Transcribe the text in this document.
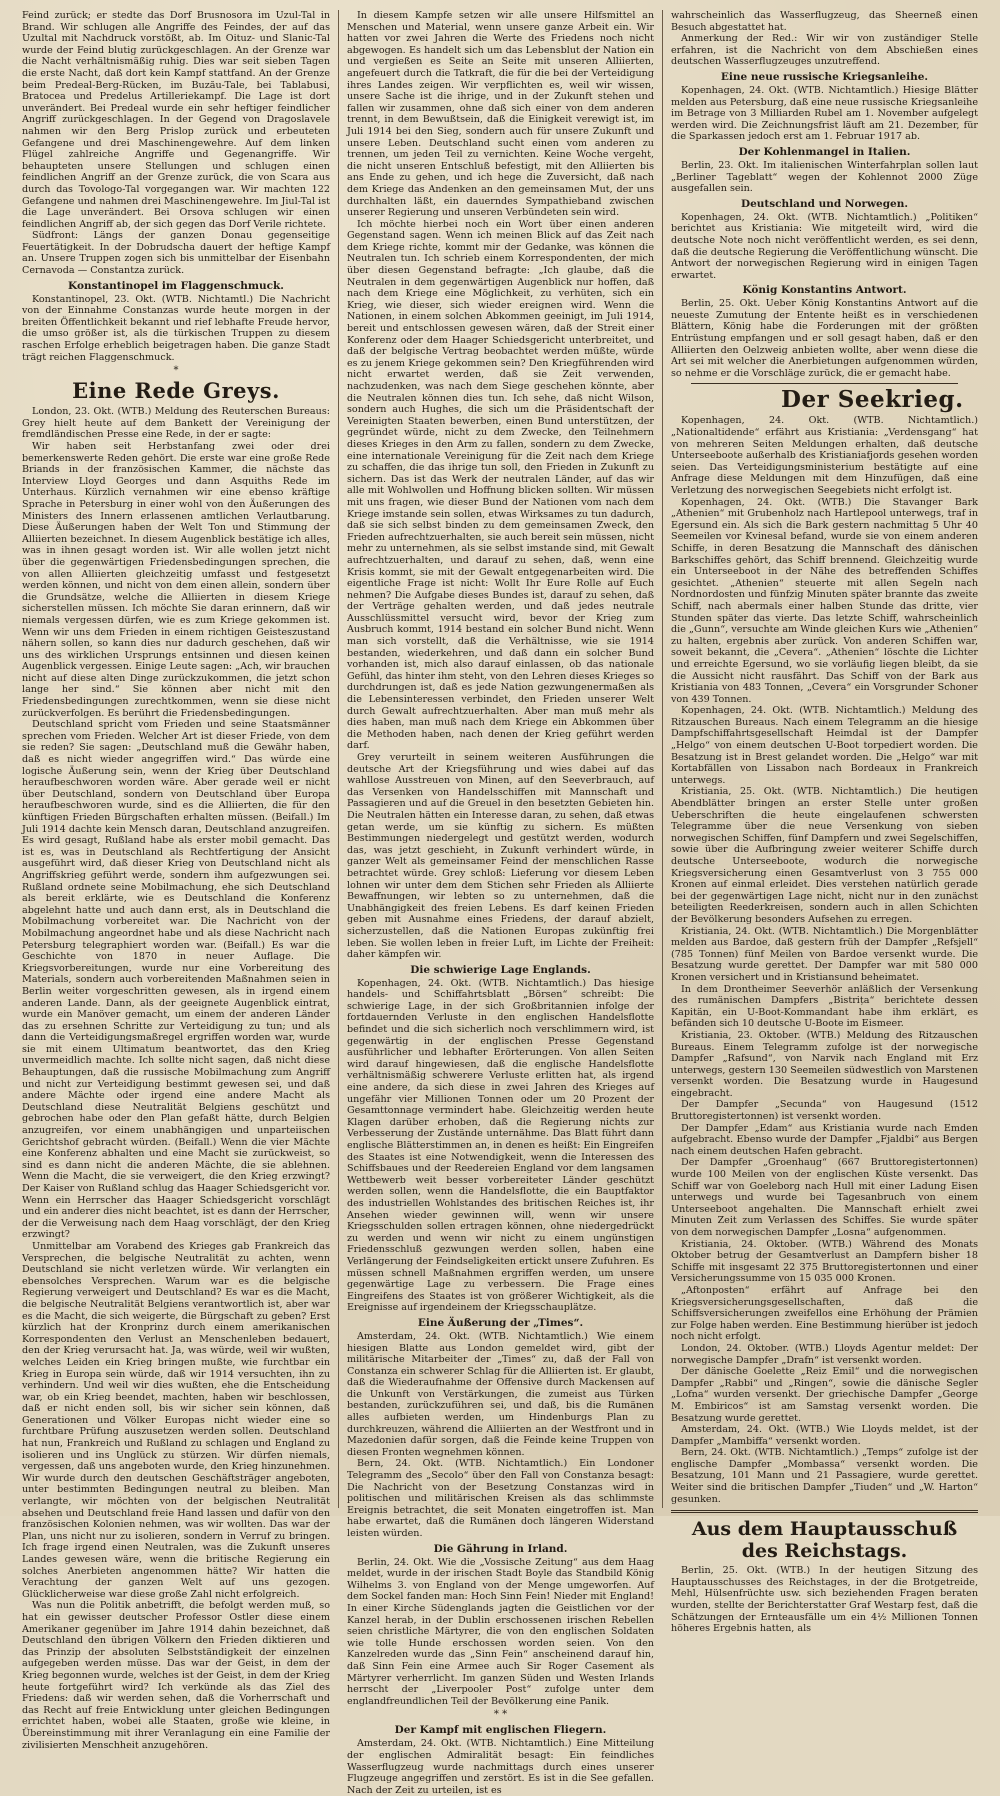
Feind zurück; er stedte das Dorf Brusnosora im Uzul-Tal in Brand. Wir schlugen alle Angriffe des Feindes, der auf das Uzultal mit Nachdruck vorstößt, ab. Im Oituz- und Slanic-Tal wurde der Feind blutig zurückgeschlagen. An der Grenze war die Nacht verhältnismäßig ruhig. Dies war seit sieben Tagen die erste Nacht, daß dort kein Kampf stattfand. An der Grenze beim Predeal-Berg-Rücken, im Buzău-Tale, bei Tablabusi, Bratocea und Predelus Artilleriekampf. Die Lage ist dort unverändert. Bei Predeal wurde ein sehr heftiger feindlicher Angriff zurückgeschlagen. In der Gegend von Dragoslavele nahmen wir den Berg Prislop zurück und erbeuteten Gefangene und drei Maschinengewehre. Auf dem linken Flügel zahlreiche Angriffe und Gegenangriffe. Wir behaupteten unsere Stellungen und schlugen einen feindlichen Angriff an der Grenze zurück, die von Scara aus durch das Tovologo-Tal vorgegangen war. Wir machten 122 Gefangene und nahmen drei Maschinengewehre. Im Jiul-Tal ist die Lage unverändert. Bei Orsova schlugen wir einen feindlichen Angriff ab, der sich gegen das Dorf Verile richtete.

Südfront: Längs der ganzen Donau gegenseitige Feuertätigkeit. In der Dobrudscha dauert der heftige Kampf an. Unsere Truppen zogen sich bis unmittelbar der Eisenbahn Cernavoda — Constantza zurück.

Konstantinopel im Flaggenschmuck.

Konstantinopel, 23. Okt. (WTB. Nichtamtl.) Die Nachricht von der Einnahme Constanzas wurde heute morgen in der breiten Öffentlichkeit bekannt und rief lebhafte Freude hervor, die umso größer ist, als die türkischen Truppen zu diesem raschen Erfolge erheblich beigetragen haben. Die ganze Stadt trägt reichen Flaggenschmuck.

*
Eine Rede Greys.

London, 23. Okt. (WTB.) Meldung des Reuterschen Bureaus: Grey hielt heute auf dem Bankett der Vereinigung der fremdländischen Presse eine Rede, in der er sagte:

Wir haben seit Herbstanfang zwei oder drei bemerkenswerte Reden gehört. Die erste war eine große Rede Briands in der französischen Kammer, die nächste das Interview Lloyd Georges und dann Asquiths Rede im Unterhaus. Kürzlich vernahmen wir eine ebenso kräftige Sprache in Petersburg in einer wohl von den Äußerungen des Ministers des Innern erlassenen amtlichen Verlautbarung. Diese Äußerungen haben der Welt Ton und Stimmung der Alliierten bezeichnet. In diesem Augenblick bestätige ich alles, was in ihnen gesagt worden ist. Wir alle wollen jetzt nicht über die gegenwärtigen Friedensbedingungen sprechen, die von allen Alliierten gleichzeitig umfasst und festgesetzt werden können, und nicht von dem einen allein, sondern über die Grundsätze, welche die Alliierten in diesem Kriege sicherstellen müssen. Ich möchte Sie daran erinnern, daß wir niemals vergessen dürfen, wie es zum Kriege gekommen ist. Wenn wir uns dem Frieden in einem richtigen Geisteszustand nähern sollen, so kann dies nur dadurch geschehen, daß wir uns des wirklichen Ursprungs entsinnen und diesen keinen Augenblick vergessen. Einige Leute sagen: „Ach, wir brauchen nicht auf diese alten Dinge zurückzukommen, die jetzt schon lange her sind.“ Sie können aber nicht mit den Friedensbedingungen zurechtkommen, wenn sie diese nicht zurückverfolgen. Es berührt die Friedensbedingungen.

Deutschland spricht vom Frieden und seine Staatsmänner sprechen vom Frieden. Welcher Art ist dieser Friede, von dem sie reden? Sie sagen: „Deutschland muß die Gewähr haben, daß es nicht wieder angegriffen wird.“ Das würde eine logische Äußerung sein, wenn der Krieg über Deutschland heraufbeschworen worden wäre. Aber gerade weil er nicht über Deutschland, sondern von Deutschland über Europa heraufbeschworen wurde, sind es die Alliierten, die für den künftigen Frieden Bürgschaften erhalten müssen. (Beifall.) Im Juli 1914 dachte kein Mensch daran, Deutschland anzugreifen. Es wird gesagt, Rußland habe als erster mobil gemacht. Das ist es, was in Deutschland als Rechtfertigung der Ansicht ausgeführt wird, daß dieser Krieg von Deutschland nicht als Angriffskrieg geführt werde, sondern ihm aufgezwungen sei. Rußland ordnete seine Mobilmachung, ehe sich Deutschland als bereit erklärte, wie es Deutschland die Konferenz abgelehnt hatte und auch dann erst, als in Deutschland die Mobilmachung vorbereitet war. Die Nachricht von der Mobilmachung angeordnet habe und als diese Nachricht nach Petersburg telegraphiert worden war. (Beifall.) Es war die Geschichte von 1870 in neuer Auflage. Die Kriegsvorbereitungen, wurde nur eine Vorbereitung des Materials, sondern auch vorbereitenden Maßnahmen seien in Berlin weiter vorgeschritten gewesen, als in irgend einem anderen Lande. Dann, als der geeignete Augenblick eintrat, wurde ein Manöver gemacht, um einem der anderen Länder das zu ersehnen Schritte zur Verteidigung zu tun; und als dann die Verteidigungsmaßregel ergriffen worden war, wurde sie mit einem Ultimatum beantwortet, das den Krieg unvermeidlich machte. Ich sollte nicht sagen, daß nicht diese Behauptungen, daß die russische Mobilmachung zum Angriff und nicht zur Verteidigung bestimmt gewesen sei, und daß andere Mächte oder irgend eine andere Macht als Deutschland diese Neutralität Belgiens geschützt und gebrochen habe oder den Plan gefaßt hätte, durch Belgien anzugreifen, vor einem unabhängigen und unparteiischen Gerichtshof gebracht würden. (Beifall.) Wenn die vier Mächte eine Konferenz abhalten und eine Macht sie zurückweist, so sind es dann nicht die anderen Mächte, die sie ablehnen. Wenn die Macht, die sie verweigert, die den Krieg erzwingt? Der Kaiser von Rußland schlug das Haager Schiedsgericht vor. Wenn ein Herrscher das Haager Schiedsgericht vorschlägt und ein anderer dies nicht beachtet, ist es dann der Herrscher, der die Verweisung nach dem Haag vorschlägt, der den Krieg erzwingt?

Unmittelbar am Vorabend des Krieges gab Frankreich das Versprechen, die belgische Neutralität zu achten, wenn Deutschland sie nicht verletzen würde. Wir verlangten ein ebensolches Versprechen. Warum war es die belgische Regierung verweigert und Deutschland? Es war es die Macht, die belgische Neutralität Belgiens verantwortlich ist, aber war es die Macht, die sich weigerte, die Bürgschaft zu geben? Erst kürzlich hat der Kronprinz durch einem amerikanischen Korrespondenten den Verlust an Menschenleben bedauert, den der Krieg verursacht hat. Ja, was würde, weil wir wußten, welches Leiden ein Krieg bringen mußte, wie furchtbar ein Krieg in Europa sein würde, daß wir 1914 versuchten, ihn zu verhindern. Und weil wir dies wußten, ehe die Entscheidung war, ob ein Krieg beendet, machten, haben wir beschlossen, daß er nicht enden soll, bis wir sicher sein können, daß Generationen und Völker Europas nicht wieder eine so furchtbare Prüfung auszusetzen werden sollen. Deutschland hat nun, Frankreich und Rußland zu schlagen und England zu isolieren und ins Unglück zu stürzen. Wir dürfen niemals, vergessen, daß uns angeboten wurde, den Krieg hinzunehmen. Wir wurde durch den deutschen Geschäftsträger angeboten, unter bestimmten Bedingungen neutral zu bleiben. Man verlangte, wir möchten von der belgischen Neutralität absehen und Deutschland freie Hand lassen und dafür von den französischen Kolonien nehmen, was wir wollten. Das war der Plan, uns nicht nur zu isolieren, sondern in Verruf zu bringen. Ich frage irgend einen Neutralen, was die Zukunft unseres Landes gewesen wäre, wenn die britische Regierung ein solches Anerbieten angenommen hätte? Wir hatten die Verachtung der ganzen Welt auf uns gezogen. Glücklicherweise war diese große Zahl nicht erfolgreich.

Was nun die Politik anbetrifft, die befolgt werden muß, so hat ein gewisser deutscher Professor Ostler diese einem Amerikaner gegenüber im Jahre 1914 dahin bezeichnet, daß Deutschland den übrigen Völkern den Frieden diktieren und das Prinzip der absoluten Selbstständigkeit der einzelnen aufgegeben werden müsse. Das war der Geist, in dem der Krieg begonnen wurde, welches ist der Geist, in dem der Krieg heute fortgeführt wird? Ich verkünde als das Ziel des Friedens: daß wir werden sehen, daß die Vorherrschaft und das Recht auf freie Entwicklung unter gleichen Bedingungen errichtet haben, wobei alle Staaten, große wie kleine, in Übereinstimmung mit ihrer Veranlagung ein eine Familie der zivilisierten Menschheit anzugehören.

In diesem Kampfe setzen wir alle unsere Hilfsmittel an Menschen und Material, wenn unsere ganze Arbeit ein. Wir hatten vor zwei Jahren die Werte des Friedens noch nicht abgewogen. Es handelt sich um das Lebensblut der Nation ein und vergießen es Seite an Seite mit unseren Alliierten, angefeuert durch die Tatkraft, die für die bei der Verteidigung ihres Landes zeigen. Wir verpflichten es, weil wir wissen, unsere Sache ist die ihrige, und in der Zukunft stehen und fallen wir zusammen, ohne daß sich einer von dem anderen trennt, in dem Bewußtsein, daß die Einigkeit verewigt ist, im Juli 1914 bei den Sieg, sondern auch für unsere Zukunft und unsere Leben. Deutschland sucht einen vom anderen zu trennen, um jeden Teil zu vernichten. Keine Woche vergeht, die nicht unseren Entschluß befestigt, mit den Alliierten bis ans Ende zu gehen, und ich hege die Zuversicht, daß nach dem Kriege das Andenken an den gemeinsamen Mut, der uns durchhalten läßt, ein dauerndes Sympathieband zwischen unserer Regierung und unseren Verbündeten sein wird.

Ich möchte hierbei noch ein Wort über einen anderen Gegenstand sagen. Wenn ich meinen Blick auf das Zeit nach dem Kriege richte, kommt mir der Gedanke, was können die Neutralen tun. Ich schrieb einem Korrespondenten, der mich über diesen Gegenstand befragte: „Ich glaube, daß die Neutralen in dem gegenwärtigen Augenblick nur hoffen, daß nach dem Kriege eine Möglichkeit, zu verhüten, sich ein Krieg, wie dieser, sich wieder ereignen wird. Wenn die Nationen, in einem solchen Abkommen geeinigt, im Juli 1914, bereit und entschlossen gewesen wären, daß der Streit einer Konferenz oder dem Haager Schiedsgericht unterbreitet, und daß der belgische Vertrag beobachtet werden müßte, würde es zu jenem Kriege gekommen sein? Den Kriegführenden wird nicht erwartet werden, daß sie Zeit verwenden, nachzudenken, was nach dem Siege geschehen könnte, aber die Neutralen können dies tun. Ich sehe, daß nicht Wilson, sondern auch Hughes, die sich um die Präsidentschaft der Vereinigten Staaten bewerben, einen Bund unterstützen, der gegründet würde, nicht zu dem Zwecke, den Teilnehmern dieses Krieges in den Arm zu fallen, sondern zu dem Zwecke, eine internationale Vereinigung für die Zeit nach dem Kriege zu schaffen, die das ihrige tun soll, den Frieden in Zukunft zu sichern. Das ist das Werk der neutralen Länder, auf das wir alle mit Wohlwollen und Hoffnung blicken sollten. Wir müssen mit uns fragen, wie dieser Bund der Nationen vom nach dem Kriege imstande sein sollen, etwas Wirksames zu tun dadurch, daß sie sich selbst binden zu dem gemeinsamen Zweck, den Frieden aufrechtzuerhalten, sie auch bereit sein müssen, nicht mehr zu unternehmen, als sie selbst imstande sind, mit Gewalt aufrechtzuerhalten, und darauf zu sehen, daß, wenn eine Krisis kommt, sie mit der Gewalt entgegenarbeiten wird. Die eigentliche Frage ist nicht: Wollt Ihr Eure Rolle auf Euch nehmen? Die Aufgabe dieses Bundes ist, darauf zu sehen, daß der Verträge gehalten werden, und daß jedes neutrale Ausschlüssmittel versucht wird, bevor der Krieg zum Ausbruch kommt, 1914 bestand ein solcher Bund nicht. Wenn man sich vorstellt, daß die Verhältnisse, wie sie 1914 bestanden, wiederkehren, und daß dann ein solcher Bund vorhanden ist, mich also darauf einlassen, ob das nationale Gefühl, das hinter ihm steht, von den Lehren dieses Krieges so durchdrungen ist, daß es jede Nation gezwungenermaßen als die Lebensinteressen verbindet, den Frieden unserer Welt durch Gewalt aufrechtzuerhalten. Aber man muß mehr als dies haben, man muß nach dem Kriege ein Abkommen über die Methoden haben, nach denen der Krieg geführt werden darf.

Grey verurteilt in seinem weiteren Ausführungen die deutsche Art der Kriegsführung und wies dabei auf das wahllose Ausstreuen von Minen, auf den Seeverbrauch, auf das Versenken von Handelsschiffen mit Mannschaft und Passagieren und auf die Greuel in den besetzten Gebieten hin. Die Neutralen hätten ein Interesse daran, zu sehen, daß etwas getan werde, um sie künftig zu sichern. Es müßten Bestimmungen niedergelegt und gestützt werden, wodurch das, was jetzt geschieht, in Zukunft verhindert würde, in ganzer Welt als gemeinsamer Feind der menschlichen Rasse betrachtet würde. Grey schloß: Lieferung vor diesem Leben lohnen wir unter dem dem Stichen sehr Frieden als Alliierte Bewaffnungen, wir lebten so zu unternehmen, daß die Unabhängigkeit des freien Lebens. Es darf keinen Frieden geben mit Ausnahme eines Friedens, der darauf abzielt, sicherzustellen, daß die Nationen Europas zukünftig frei leben. Sie wollen leben in freier Luft, im Lichte der Freiheit: daher kämpfen wir.

Die schwierige Lage Englands.

Kopenhagen, 24. Okt. (WTB. Nichtamtlich.) Das hiesige handels- und Schiffahrtsblatt „Börsen“ schreibt: Die schwierige Lage, in der sich Großbritannien infolge der fortdauernden Verluste in den englischen Handelsflotte befindet und die sich sicherlich noch verschlimmern wird, ist gegenwärtig in der englischen Presse Gegenstand ausführlicher und lebhafter Erörterungen. Von allen Seiten wird darauf hingewiesen, daß die englische Handelsflotte verhältnismäßig schwerere Verluste erlitten hat, als irgend eine andere, da sich diese in zwei Jahren des Krieges auf ungefähr vier Millionen Tonnen oder um 20 Prozent der Gesamttonnage vermindert habe. Gleichzeitig werden heute Klagen darüber erhoben, daß die Regierung nichts zur Verbesserung der Zustände unternähme. Das Blatt führt dann englische Blätterstimmen an, in denen es heißt: Ein Eingreifen des Staates ist eine Notwendigkeit, wenn die Interessen des Schiffsbaues und der Reedereien England vor dem langsamen Wettbewerb weit besser vorbereiteter Länder geschützt werden sollen, wenn die Handelsflotte, die ein Bauptfaktor des industriellen Wohlstandes des britischen Reiches ist, ihr Ansehen wieder gewinnen will, wenn wir unsere Kriegsschulden sollen ertragen können, ohne niedergedrückt zu werden und wenn wir nicht zu einem ungünstigen Friedensschluß gezwungen werden sollen, haben eine Verlängerung der Feindseligkeiten ertickt unsere Zufuhren. Es müssen schnell Maßnahmen ergriffen werden, um unsere gegenwärtige Lage zu verbessern. Die Frage eines Eingreifens des Staates ist von größerer Wichtigkeit, als die Ereignisse auf irgendeinem der Kriegsschauplätze.

Eine Äußerung der „Times“.

Amsterdam, 24. Okt. (WTB. Nichtamtlich.) Wie einem hiesigen Blatte aus London gemeldet wird, gibt der militärische Mitarbeiter der „Times“ zu, daß der Fall von Constanza ein schwerer Schlag für die Alliierten ist. Er glaubt, daß die Wiederaufnahme der Offensive durch Mackensen auf die Unkunft von Verstärkungen, die zumeist aus Türken bestanden, zurückzuführen sei, und daß, bis die Rumänen alles aufbieten werden, um Hindenburgs Plan zu durchkreuzen, während die Alliierten an der Westfront und in Mazedonien dafür sorgen, daß die Feinde keine Truppen von diesen Fronten wegnehmen können.

Bern, 24. Okt. (WTB. Nichtamtlich.) Ein Londoner Telegramm des „Secolo“ über den Fall von Constanza besagt: Die Nachricht von der Besetzung Constanzas wird in politischen und militärischen Kreisen als das schlimmste Ereignis betrachtet, die seit Monaten eingetroffen ist. Man habe erwartet, daß die Rumänen doch längeren Widerstand leisten würden.

Die Gährung in Irland.

Berlin, 24. Okt. Wie die „Vossische Zeitung“ aus dem Haag meldet, wurde in der irischen Stadt Boyle das Standbild König Wilhelms 3. von England von der Menge umgeworfen. Auf dem Sockel fanden man: Hoch Sinn Fein! Nieder mit England! In einer Kirche Südenglands jagten die Geistlichen vor der Kanzel herab, in der Dublin erschossenen irischen Rebellen seien christliche Märtyrer, die von den englischen Soldaten wie tolle Hunde erschossen worden seien. Von den Kanzelreden wurde das „Sinn Fein“ anscheinend darauf hin, daß Sinn Fein eine Armee auch Sir Roger Casement als Märtyrer verherrlicht. Im ganzen Süden und Westen Irlands herrscht der „Liverpooler Post“ zufolge unter dem englandfreundlichen Teil der Bevölkerung eine Panik.

* *
Der Kampf mit englischen Fliegern.

Amsterdam, 24. Okt. (WTB. Nichtamtlich.) Eine Mitteilung der englischen Admiralität besagt: Ein feindliches Wasserflugzeug wurde nachmittags durch eines unserer Flugzeuge angegriffen und zerstört. Es ist in die See gefallen. Nach der Zeit zu urteilen, ist es

wahrscheinlich das Wasserflugzeug, das Sheerneß einen Besuch abgestattet hat.

Anmerkung der Red.: Wir wir von zuständiger Stelle erfahren, ist die Nachricht von dem Abschießen eines deutschen Wasserflugzeuges unzutreffend.

Eine neue russische Kriegsanleihe.

Kopenhagen, 24. Okt. (WTB. Nichtamtlich.) Hiesige Blätter melden aus Petersburg, daß eine neue russische Kriegsanleihe im Betrage von 3 Milliarden Rubel am 1. November aufgelegt werden wird. Die Zeichnungsfrist läuft am 21. Dezember, für die Sparkassen jedoch erst am 1. Februar 1917 ab.

Der Kohlenmangel in Italien.

Berlin, 23. Okt. Im italienischen Winterfahrplan sollen laut „Berliner Tageblatt“ wegen der Kohlennot 2000 Züge ausgefallen sein.

Deutschland und Norwegen.

Kopenhagen, 24. Okt. (WTB. Nichtamtlich.) „Politiken“ berichtet aus Kristiania: Wie mitgeteilt wird, wird die deutsche Note noch nicht veröffentlicht werden, es sei denn, daß die deutsche Regierung die Veröffentlichung wünscht. Die Antwort der norwegischen Regierung wird in einigen Tagen erwartet.

König Konstantins Antwort.

Berlin, 25. Okt. Ueber König Konstantins Antwort auf die neueste Zumutung der Entente heißt es in verschiedenen Blättern, König habe die Forderungen mit der größten Entrüstung empfangen und er soll gesagt haben, daß er den Alliierten den Oelzweig anbieten wollte, aber wenn diese die Art sei mit welcher die Anerbietungen aufgenommen würden, so nehme er die Vorschläge zurück, die er gemacht habe.

Der Seekrieg.

Kopenhagen, 24. Okt. (WTB. Nichtamtlich.) „Nationaltidende“ erfährt aus Kristiania: „Verdensgang“ hat von mehreren Seiten Meldungen erhalten, daß deutsche Unterseeboote außerhalb des Kristianiafjords gesehen worden seien. Das Verteidigungsministerium bestätigte auf eine Anfrage diese Meldungen mit dem Hinzufügen, daß eine Verletzung des norwegischen Seegebiets nicht erfolgt ist.

Kopenhagen, 24. Okt. (WTB.) Die Stavanger Bark „Athenien“ mit Grubenholz nach Hartlepool unterwegs, traf in Egersund ein. Als sich die Bark gestern nachmittag 5 Uhr 40 Seemeilen vor Kvinesal befand, wurde sie von einem anderen Schiffe, in deren Besatzung die Mannschaft des dänischen Barkschiffes gehört, das Schiff brennend. Gleichzeitig wurde ein Unterseeboot in der Nähe des betreffenden Schiffes gesichtet. „Athenien“ steuerte mit allen Segeln nach Nordnordosten und fünfzig Minuten später brannte das zweite Schiff, nach abermals einer halben Stunde das dritte, vier Stunden später das vierte. Das letzte Schiff, wahrscheinlich die „Gunn“, versuchte am Winde gleichen Kurs wie „Athenien“ zu halten, ergebnis aber zurück. Von anderen Schiffen war, soweit bekannt, die „Cevera“. „Athenien“ löschte die Lichter und erreichte Egersund, wo sie vorläufig liegen bleibt, da sie die Aussicht nicht rausfährt. Das Schiff von der Bark aus Kristiania von 483 Tonnen, „Cevera“ ein Vorsgrunder Schoner von 439 Tonnen.

Kopenhagen, 24. Okt. (WTB. Nichtamtlich.) Meldung des Ritzauschen Bureaus. Nach einem Telegramm an die hiesige Dampfschiffahrtsgesellschaft Heimdal ist der Dampfer „Helgo“ von einem deutschen U-Boot torpediert worden. Die Besatzung ist in Brest gelandet worden. Die „Helgo“ war mit Kortabfällen von Lissabon nach Bordeaux in Frankreich unterwegs.

Kristiania, 25. Okt. (WTB. Nichtamtlich.) Die heutigen Abendblätter bringen an erster Stelle unter großen Ueberschriften die heute eingelaufenen schwersten Telegramme über die neue Versenkung von sieben norwegischen Schiffen, fünf Dampfern und zwei Segelschiffen, sowie über die Aufbringung zweier weiterer Schiffe durch deutsche Unterseeboote, wodurch die norwegische Kriegsversicherung einen Gesamtverlust von 3 755 000 Kronen auf einmal erleidet. Dies verstehen natürlich gerade bei der gegenwärtigen Lage nicht, nicht nur in den zunächst beteiligten Reederkreisen, sondern auch in allen Schichten der Bevölkerung besonders Aufsehen zu erregen.

Kristiania, 24. Okt. (WTB. Nichtamtlich.) Die Morgenblätter melden aus Bardoe, daß gestern früh der Dampfer „Refsjell“ (785 Tonnen) fünf Meilen von Bardoe versenkt wurde. Die Besatzung wurde gerettet. Der Dampfer war mit 580 000 Kronen versichert und in Kristiansund beheimatet.

In dem Drontheimer Seeverhör anläßlich der Versenkung des rumänischen Dampfers „Bistrița“ berichtete dessen Kapitän, ein U-Boot-Kommandant habe ihm erklärt, es befänden sich 10 deutsche U-Boote im Eismeer.

Kristiania, 23. Oktober. (WTB.) Meldung des Ritzauschen Bureaus. Einem Telegramm zufolge ist der norwegische Dampfer „Rafsund“, von Narvik nach England mit Erz unterwegs, gestern 130 Seemeilen südwestlich von Marstenen versenkt worden. Die Besatzung wurde in Haugesund eingebracht.

Der Dampfer „Secunda“ von Haugesund (1512 Bruttoregistertonnen) ist versenkt worden.

Der Dampfer „Edam“ aus Kristiania wurde nach Emden aufgebracht. Ebenso wurde der Dampfer „Fjaldbi“ aus Bergen nach einem deutschen Hafen gebracht.

Der Dampfer „Groenhaug“ (667 Bruttoregistertonnen) wurde 100 Meilen von der englischen Küste versenkt. Das Schiff war von Goeleborg nach Hull mit einer Ladung Eisen unterwegs und wurde bei Tagesanbruch von einem Unterseeboot angehalten. Die Mannschaft erhielt zwei Minuten Zeit zum Verlassen des Schiffes. Sie wurde später von dem norwegischen Dampfer „Losna“ aufgenommen.

Kristiania, 24. Oktober. (WTB.) Während des Monats Oktober betrug der Gesamtverlust an Dampfern bisher 18 Schiffe mit insgesamt 22 375 Bruttoregistertonnen und einer Versicherungssumme von 15 035 000 Kronen.

„Aftonposten“ erfährt auf Anfrage bei den Kriegsversicherungsgesellschaften, daß die Schiffsversicherungen zweifellos eine Erhöhung der Prämien zur Folge haben werden. Eine Bestimmung hierüber ist jedoch noch nicht erfolgt.

London, 24. Oktober. (WTB.) Lloyds Agentur meldet: Der norwegische Dampfer „Drafn“ ist versenkt worden.

Der dänische Goelette „Reiz Emil“ und die norwegischen Dampfer „Rabbi“ und „Ringen“, sowie die dänische Segler „Lofna“ wurden versenkt. Der griechische Dampfer „George M. Embiricos“ ist am Samstag versenkt worden. Die Besatzung wurde gerettet.

Amsterdam, 24. Okt. (WTB.) Wie Lloyds meldet, ist der Dampfer „Mambiffa“ versenkt worden.

Bern, 24. Okt. (WTB. Nichtamtlich.) „Temps“ zufolge ist der englische Dampfer „Mombassa“ versenkt worden. Die Besatzung, 101 Mann und 21 Passagiere, wurde gerettet. Weiter sind die britischen Dampfer „Tiuden“ und „W. Harton“ gesunken.

Aus dem Hauptausschuß des Reichstags.

Berlin, 25. Okt. (WTB.) In der heutigen Sitzung des Hauptausschusses des Reichstages, in der die Brotgetreide, Mehl, Hülsenfrüchte usw. sich beziehenden Fragen beraten wurden, stellte der Berichterstatter Graf Westarp fest, daß die Schätzungen der Ernteausfälle um ein 4½ Millionen Tonnen höheres Ergebnis hatten, als
